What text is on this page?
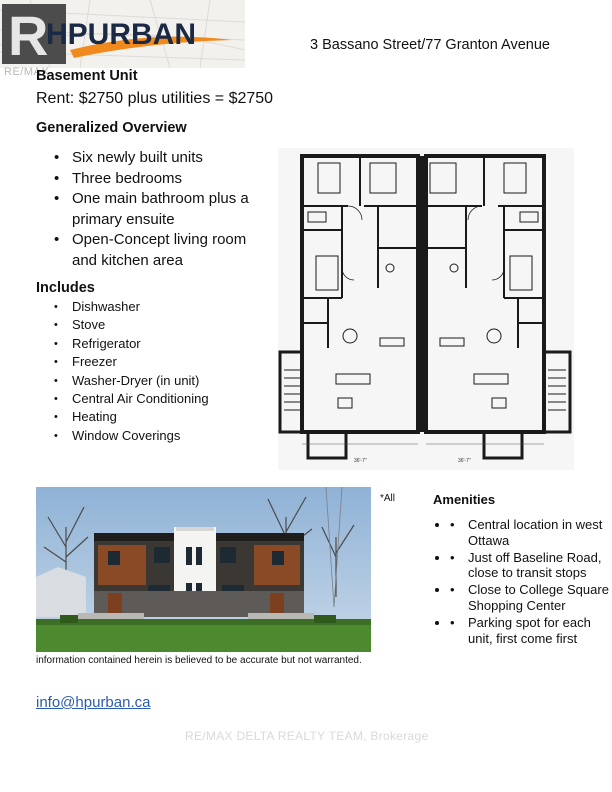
R
HPURBAN
RE/MAX
3 Bassano Street/77 Granton Avenue
Basement Unit
Rent: $2750 plus utilities = $2750
Generalized Overview
• Six newly built units
• Three bedrooms
• One main bathroom plus a primary ensuite
• Open-Concept living room and kitchen area
Includes
• Dishwasher
• Stove
• Refrigerator
• Freezer
• Washer-Dryer (in unit)
• Central Air Conditioning
• Heating
• Window Coverings
36'-7"	36'-7"
*All
information contained herein is believed to be accurate but not warranted.
Amenities
• • Central location in west Ottawa
• • Just off Baseline Road, close to transit stops
• • Close to College Square Shopping Center
• • Parking spot for each unit, first come first
info@hpurban.ca
RE/MAX DELTA REALTY TEAM, Brokerage
